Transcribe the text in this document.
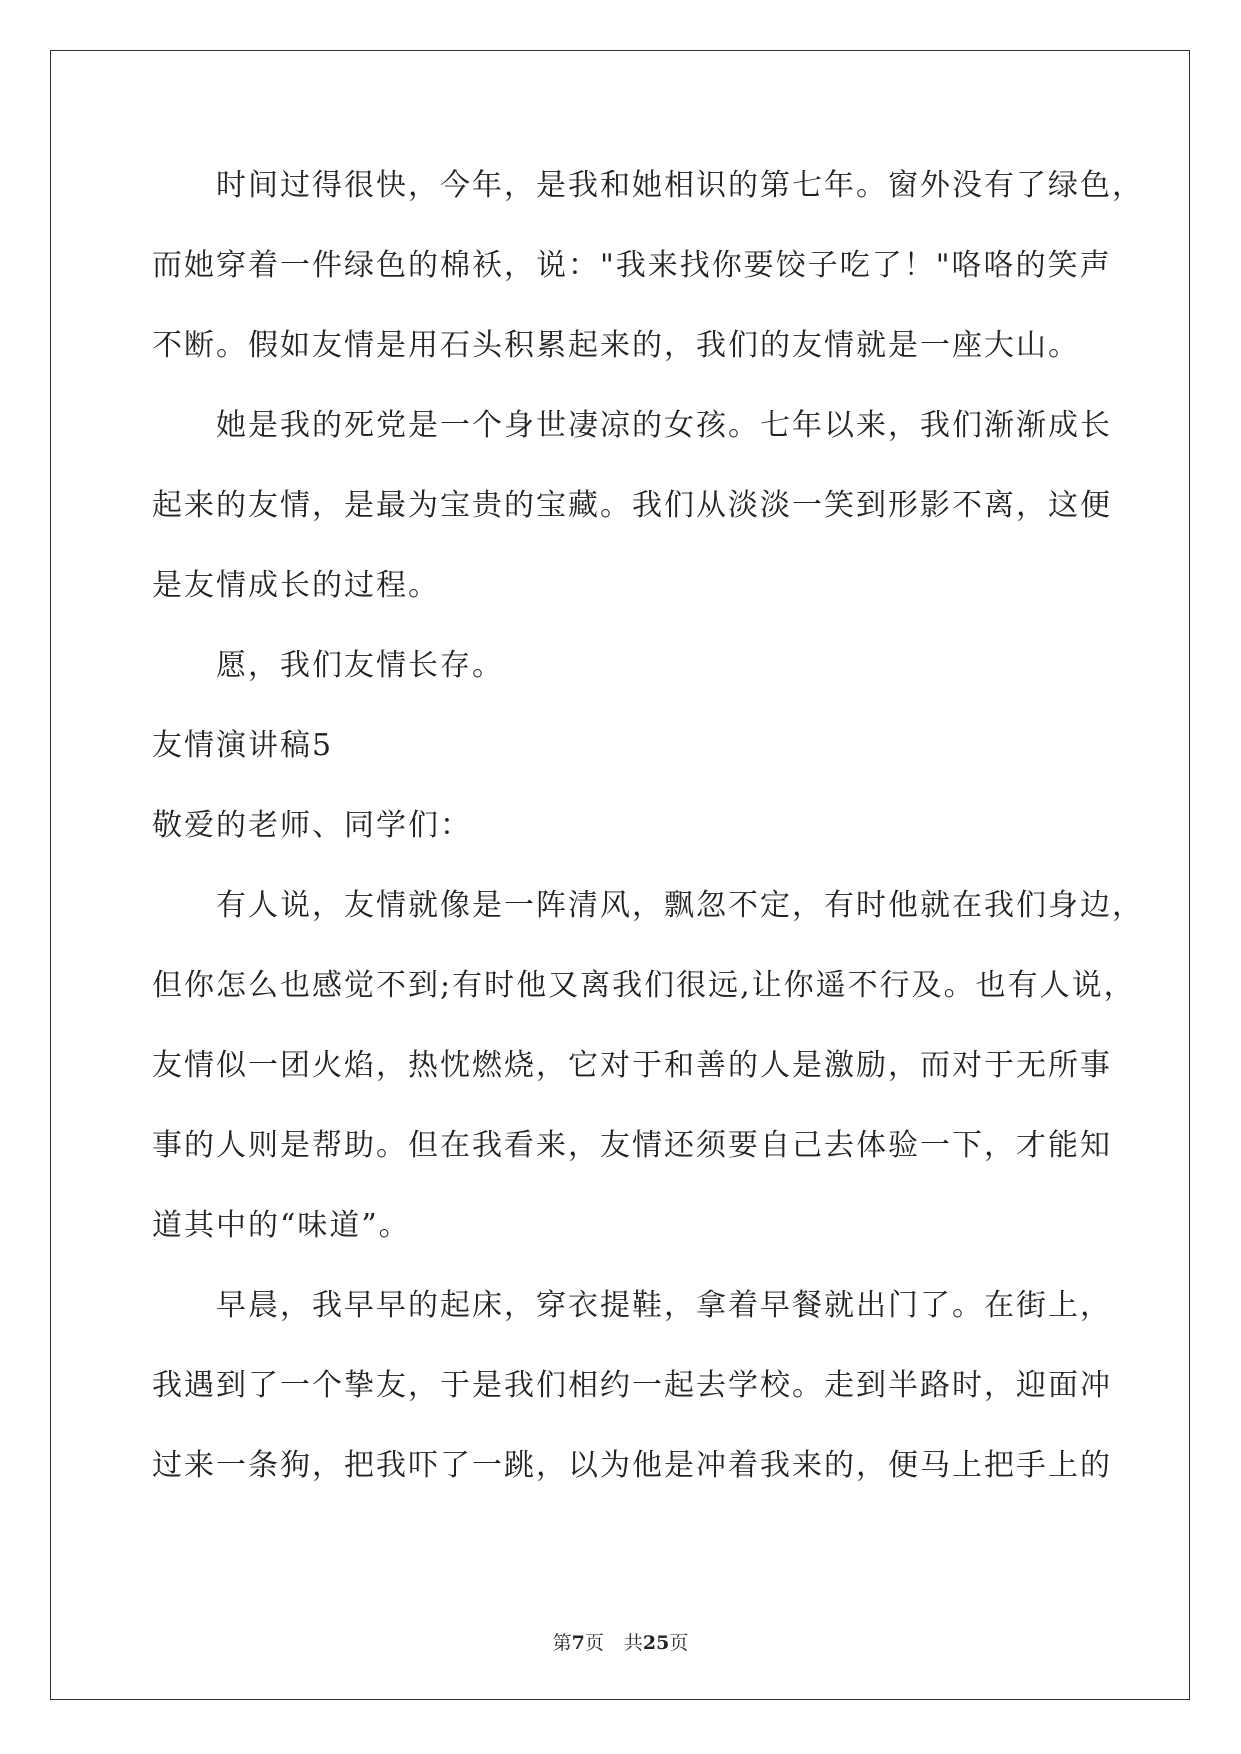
时间过得很快，今年，是我和她相识的第七年。窗外没有了绿色，
而她穿着一件绿色的棉袄，说："我来找你要饺子吃了！"咯咯的笑声
不断。假如友情是用石头积累起来的，我们的友情就是一座大山。
她是我的死党是一个身世凄凉的女孩。七年以来，我们渐渐成长
起来的友情，是最为宝贵的宝藏。我们从淡淡一笑到形影不离，这便
是友情成长的过程。
愿，我们友情长存。
友情演讲稿5
敬爱的老师、同学们：
有人说，友情就像是一阵清风，飘忽不定，有时他就在我们身边，
但你怎么也感觉不到;有时他又离我们很远,让你遥不行及。也有人说，
友情似一团火焰，热忱燃烧，它对于和善的人是激励，而对于无所事
事的人则是帮助。但在我看来，友情还须要自己去体验一下，才能知
道其中的“味道”。
早晨，我早早的起床，穿衣提鞋，拿着早餐就出门了。在街上，
我遇到了一个挚友，于是我们相约一起去学校。走到半路时，迎面冲
过来一条狗，把我吓了一跳，以为他是冲着我来的，便马上把手上的
第7页 共25页
